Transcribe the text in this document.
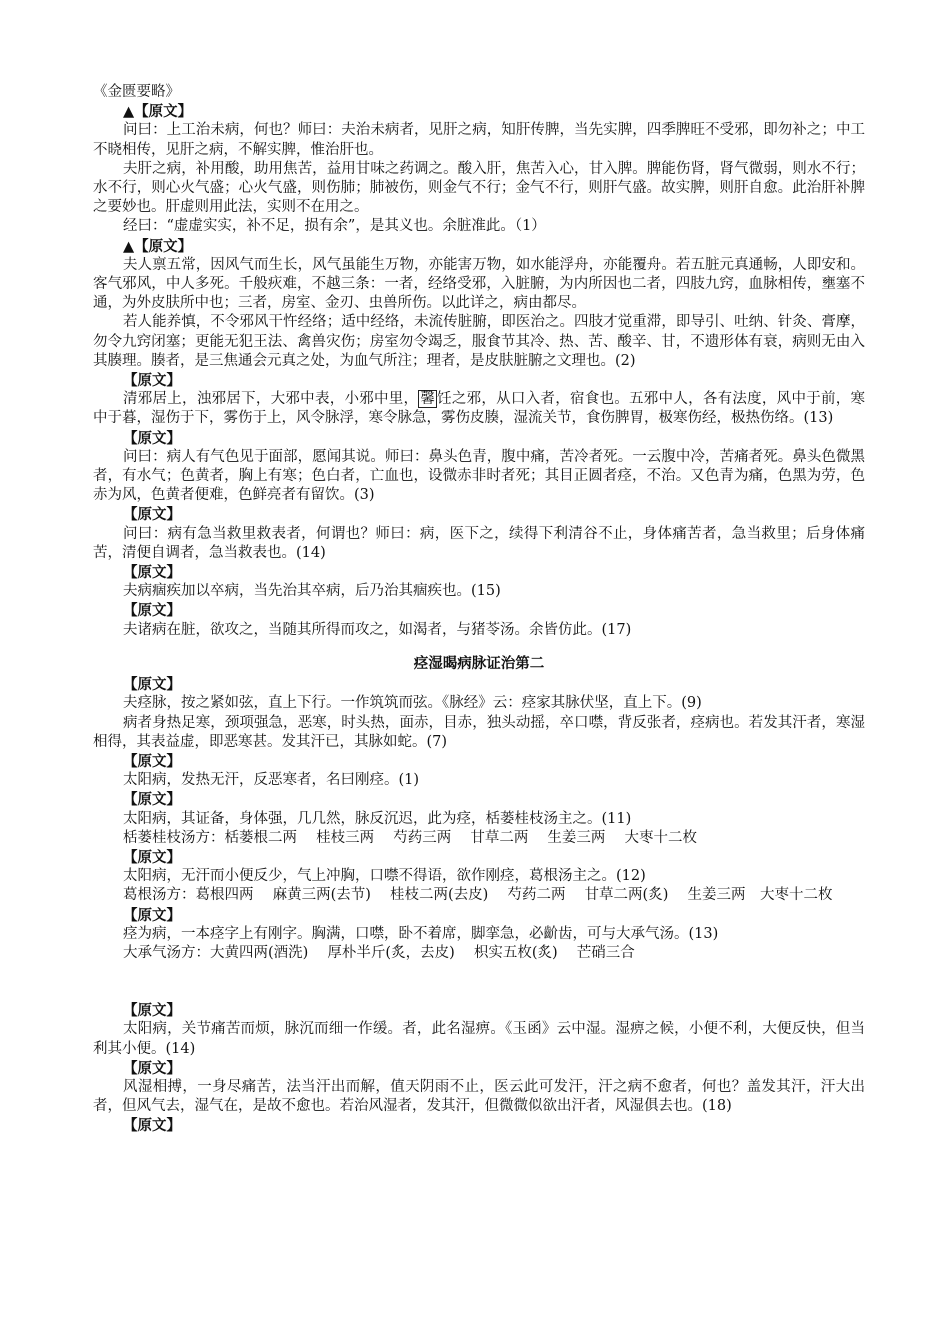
《金匮要略》

▲【原文】

问曰：上工治未病，何也？师曰：夫治未病者，见肝之病，知肝传脾，当先实脾，四季脾旺不受邪，即勿补之；中工不晓相传，见肝之病，不解实脾，惟治肝也。

夫肝之病，补用酸，助用焦苦，益用甘味之药调之。酸入肝，焦苦入心，甘入脾。脾能伤肾，肾气微弱，则水不行；水不行，则心火气盛；心火气盛，则伤肺；肺被伤，则金气不行；金气不行，则肝气盛。故实脾，则肝自愈。此治肝补脾之要妙也。肝虚则用此法，实则不在用之。

经曰：“虚虚实实，补不足，损有余”，是其义也。余脏准此。（1）

▲【原文】

夫人禀五常，因风气而生长，风气虽能生万物，亦能害万物，如水能浮舟，亦能覆舟。若五脏元真通畅，人即安和。客气邪风，中人多死。千般疢难，不越三条：一者，经络受邪，入脏腑，为内所因也二者，四肢九窍，血脉相传，壅塞不通，为外皮肤所中也；三者，房室、金刃、虫兽所伤。以此详之，病由都尽。

若人能养慎，不令邪风干忤经络；适中经络，未流传脏腑，即医治之。四肢才觉重滞，即导引、吐纳、针灸、膏摩，勿令九窍闭塞；更能无犯王法、禽兽灾伤；房室勿令竭乏，服食节其冷、热、苦、酸辛、甘，不遗形体有衰，病则无由入其腠理。腠者，是三焦通会元真之处，为血气所注；理者，是皮肤脏腑之文理也。(2)

【原文】

清邪居上，浊邪居下，大邪中表，小邪中里， 馨 饪之邪，从口入者，宿食也。五邪中人，各有法度，风中于前，寒中于暮，湿伤于下，雾伤于上，风令脉浮，寒令脉急，雾伤皮腠，湿流关节，食伤脾胃，极寒伤经，极热伤络。(13)

【原文】

问曰：病人有气色见于面部，愿闻其说。师曰：鼻头色青，腹中痛，苦冷者死。一云腹中冷，苦痛者死。鼻头色微黑者，有水气；色黄者，胸上有寒；色白者，亡血也，设微赤非时者死；其目正圆者痉，不治。又色青为痛，色黑为劳，色赤为风，色黄者便难，色鲜亮者有留饮。(3)

【原文】

问曰：病有急当救里救表者，何谓也？师曰：病，医下之，续得下利清谷不止，身体痛苦者，急当救里；后身体痛苦，清便自调者，急当救表也。(14)

【原文】

夫病痼疾加以卒病，当先治其卒病，后乃治其痼疾也。(15)

【原文】

夫诸病在脏，欲攻之，当随其所得而攻之，如渴者，与猪苓汤。余皆仿此。(17)

痉湿暍病脉证治第二

【原文】

夫痉脉，按之紧如弦，直上下行。一作筑筑而弦。《脉经》云：痉家其脉伏坚，直上下。(9)

病者身热足寒，颈项强急，恶寒，时头热，面赤，目赤，独头动摇，卒口噤，背反张者，痉病也。若发其汗者，寒湿相得，其表益虚，即恶寒甚。发其汗已，其脉如蛇。(7)

【原文】

太阳病，发热无汗，反恶寒者，名曰刚痉。(1)

【原文】

太阳病，其证备，身体强，几几然，脉反沉迟，此为痉，栝蒌桂枝汤主之。(11)

栝蒌桂枝汤方：栝蒌根二两　 桂枝三两　 芍药三两　 甘草二两　 生姜三两　 大枣十二枚

【原文】

太阳病，无汗而小便反少，气上冲胸，口噤不得语，欲作刚痉，葛根汤主之。(12)

葛根汤方：葛根四两　 麻黄三两(去节)　 桂枝二两(去皮)　 芍药二两　 甘草二两(炙)　 生姜三两　大枣十二枚

【原文】

痉为病，一本痉字上有刚字。胸满，口噤，卧不着席，脚挛急，必齘齿，可与大承气汤。(13)

大承气汤方：大黄四两(酒洗)　 厚朴半斤(炙，去皮)　 枳实五枚(炙)　 芒硝三合

【原文】

太阳病，关节痛苦而烦，脉沉而细一作缓。者，此名湿痹。《玉函》云中湿。湿痹之候，小便不利，大便反快，但当利其小便。(14)

【原文】

风湿相搏，一身尽痛苦，法当汗出而解，值天阴雨不止，医云此可发汗，汗之病不愈者，何也？盖发其汗，汗大出者，但风气去，湿气在，是故不愈也。若治风湿者，发其汗，但微微似欲出汗者，风湿俱去也。(18)

【原文】
